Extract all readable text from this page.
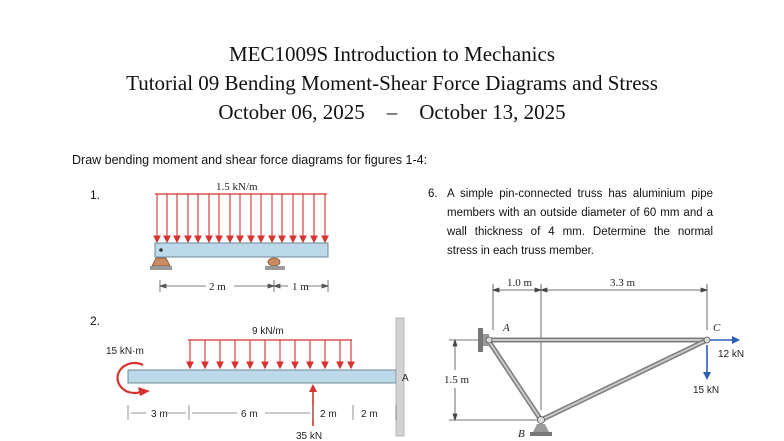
MEC1009S Introduction to Mechanics
Tutorial 09 Bending Moment-Shear Force Diagrams and Stress
October 06, 2025 – October 13, 2025
Draw bending moment and shear force diagrams for figures 1-4:
1.
2.
1.5 kN/m
2 m	1 m
15 kN·m
9 kN/m
A
3 m	6 m	2 m 2 m
35 kN
6. A simple pin-connected truss has aluminium pipe members with an outside diameter of 60 mm and a wall thickness of 4 mm. Determine the normal stress in each truss member.
1.0 m	3.3 m
1.5 m
A
B
C
12 kN
15 kN
